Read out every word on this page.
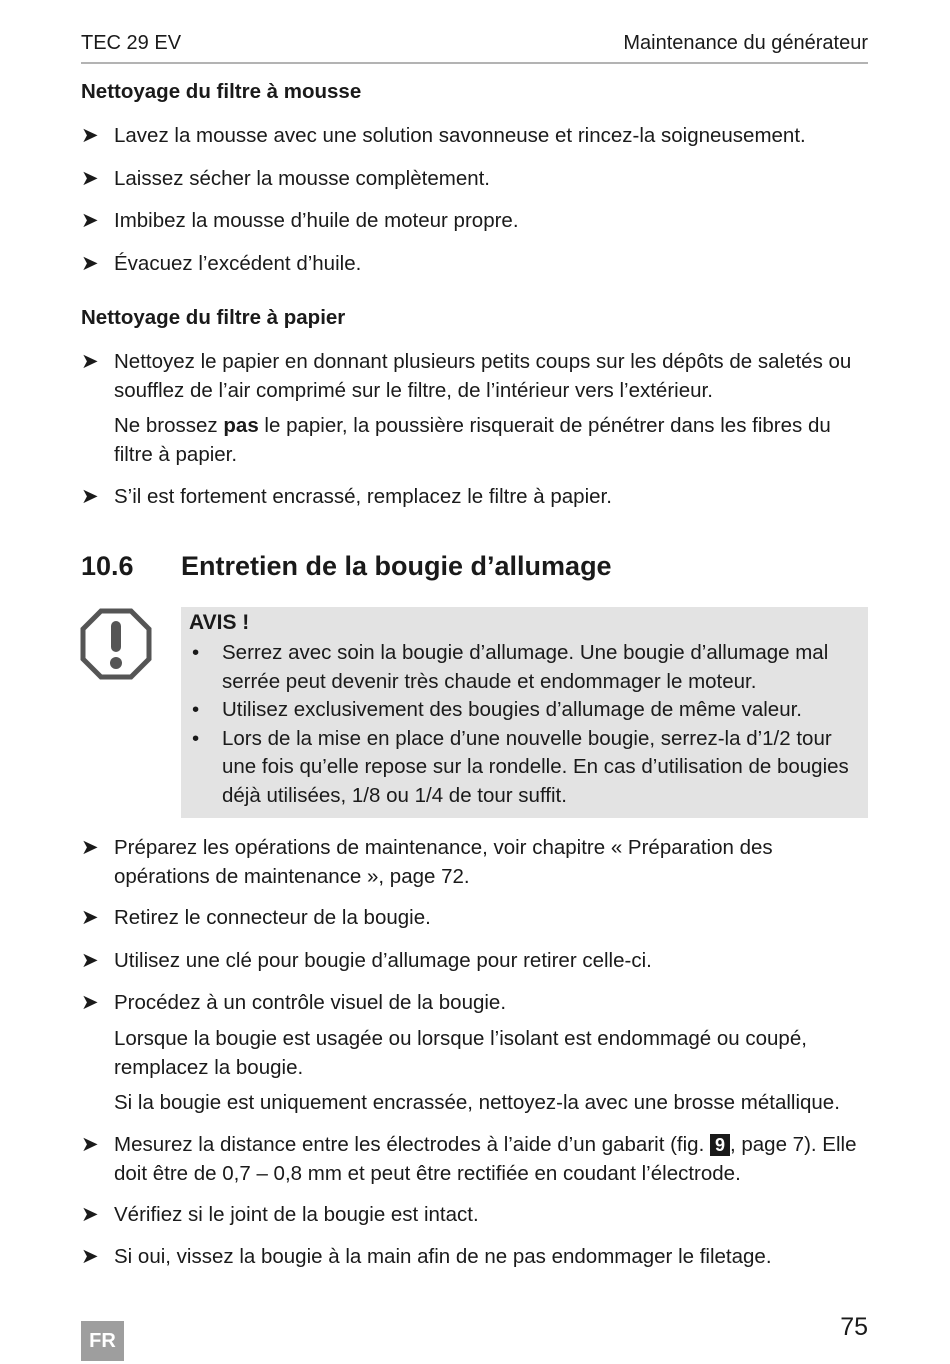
TEC 29 EV	Maintenance du générateur
Nettoyage du filtre à mousse
➤ Lavez la mousse avec une solution savonneuse et rincez-la soigneusement.
➤ Laissez sécher la mousse complètement.
➤ Imbibez la mousse d’huile de moteur propre.
➤ Évacuez l’excédent d’huile.
Nettoyage du filtre à papier
➤ Nettoyez le papier en donnant plusieurs petits coups sur les dépôts de saletés ou soufflez de l’air comprimé sur le filtre, de l’intérieur vers l’extérieur.
Ne brossez pas le papier, la poussière risquerait de pénétrer dans les fibres du filtre à papier.
➤ S’il est fortement encrassé, remplacez le filtre à papier.
10.6 Entretien de la bougie d’allumage
AVIS !
• Serrez avec soin la bougie d’allumage. Une bougie d’allumage mal serrée peut devenir très chaude et endommager le moteur.
• Utilisez exclusivement des bougies d’allumage de même valeur.
• Lors de la mise en place d’une nouvelle bougie, serrez-la d’1/2 tour une fois qu’elle repose sur la rondelle. En cas d’utilisation de bougies déjà utilisées, 1/8 ou 1/4 de tour suffit.
➤ Préparez les opérations de maintenance, voir chapitre « Préparation des opérations de maintenance », page 72.
➤ Retirez le connecteur de la bougie.
➤ Utilisez une clé pour bougie d’allumage pour retirer celle-ci.
➤ Procédez à un contrôle visuel de la bougie.
Lorsque la bougie est usagée ou lorsque l’isolant est endommagé ou coupé, remplacez la bougie.
Si la bougie est uniquement encrassée, nettoyez-la avec une brosse métallique.
➤ Mesurez la distance entre les électrodes à l’aide d’un gabarit (fig. 9 , page 7). Elle doit être de 0,7 – 0,8 mm et peut être rectifiée en coudant l’électrode.
➤ Vérifiez si le joint de la bougie est intact.
➤ Si oui, vissez la bougie à la main afin de ne pas endommager le filetage.
FR	75
